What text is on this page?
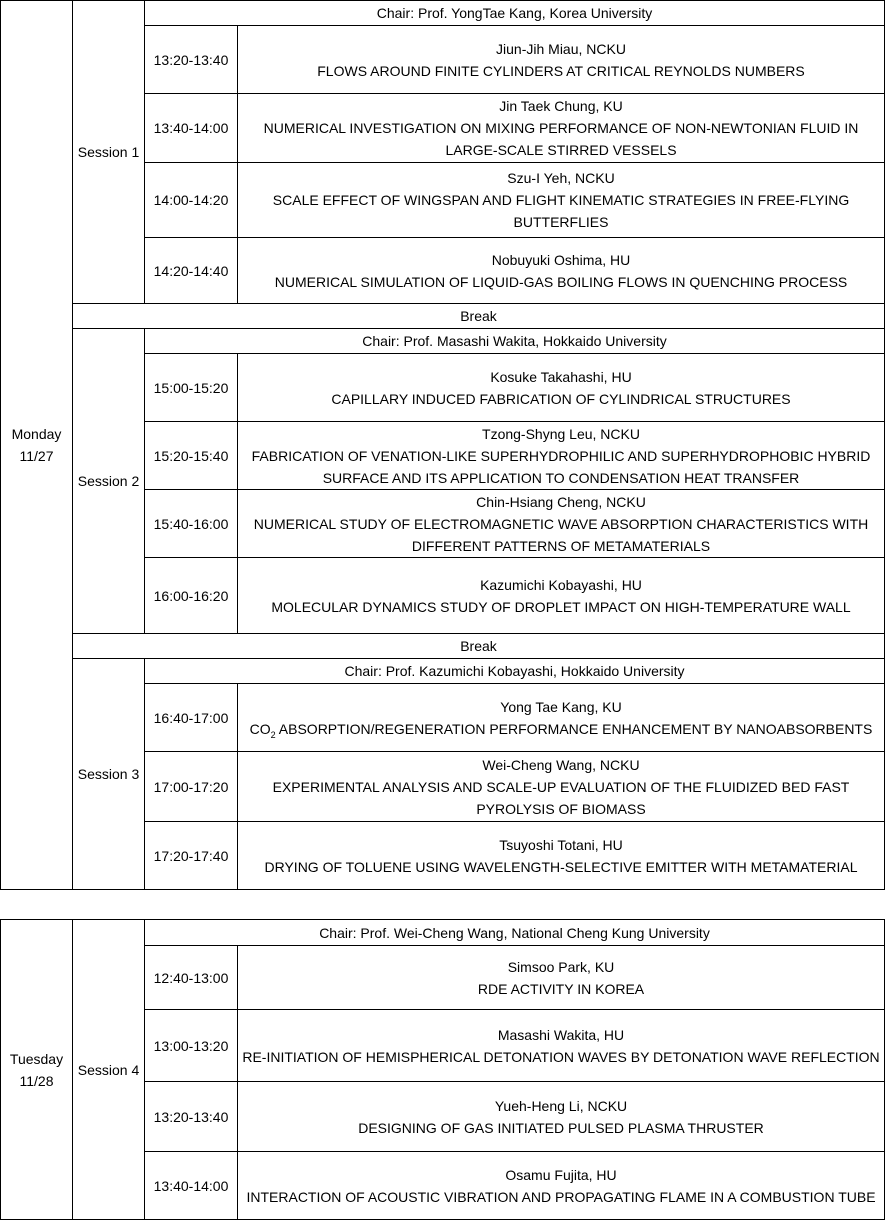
Monday
11/27	Session 1	Chair: Prof. YongTae Kang, Korea University	
		13:20-13:40	Jiun-Jih Miau, NCKU
FLOWS AROUND FINITE CYLINDERS AT CRITICAL REYNOLDS NUMBERS

		13:40-14:00	Jin Taek Chung, KU
NUMERICAL INVESTIGATION ON MIXING PERFORMANCE OF NON-NEWTONIAN FLUID IN LARGE-SCALE STIRRED VESSELS

		14:00-14:20	Szu-I Yeh, NCKU
SCALE EFFECT OF WINGSPAN AND FLIGHT KINEMATIC STRATEGIES IN FREE-FLYING BUTTERFLIES

		14:20-14:40	Nobuyuki Oshima, HU
NUMERICAL SIMULATION OF LIQUID-GAS BOILING FLOWS IN QUENCHING PROCESS

	Break		
	Session 2	Chair: Prof. Masashi Wakita, Hokkaido University	
		15:00-15:20	Kosuke Takahashi, HU
CAPILLARY INDUCED FABRICATION OF CYLINDRICAL STRUCTURES

		15:20-15:40	Tzong-Shyng Leu, NCKU
FABRICATION OF VENATION-LIKE SUPERHYDROPHILIC AND SUPERHYDROPHOBIC HYBRID SURFACE AND ITS APPLICATION TO CONDENSATION HEAT TRANSFER

		15:40-16:00	Chin-Hsiang Cheng, NCKU
NUMERICAL STUDY OF ELECTROMAGNETIC WAVE ABSORPTION CHARACTERISTICS WITH DIFFERENT PATTERNS OF METAMATERIALS

		16:00-16:20	Kazumichi Kobayashi, HU
MOLECULAR DYNAMICS STUDY OF DROPLET IMPACT ON HIGH-TEMPERATURE WALL

	Break		
	Session 3	Chair: Prof. Kazumichi Kobayashi, Hokkaido University	
		16:40-17:00	Yong Tae Kang, KU
$CO_2$ ABSORPTION/REGENERATION PERFORMANCE ENHANCEMENT BY NANOABSORBENTS

		17:00-17:20	Wei-Cheng Wang, NCKU
EXPERIMENTAL ANALYSIS AND SCALE-UP EVALUATION OF THE FLUIDIZED BED FAST PYROLYSIS OF BIOMASS

		17:20-17:40	Tsuyoshi Totani, HU
DRYING OF TOLUENE USING WAVELENGTH-SELECTIVE EMITTER WITH METAMATERIAL
Tuesday
11/28	Session 4	Chair: Prof. Wei-Cheng Wang, National Cheng Kung University	
		12:40-13:00	Simsoo Park, KU
RDE ACTIVITY IN KOREA

		13:00-13:20	Masashi Wakita, HU
RE-INITIATION OF HEMISPHERICAL DETONATION WAVES BY DETONATION WAVE REFLECTION

		13:20-13:40	Yueh-Heng Li, NCKU
DESIGNING OF GAS INITIATED PULSED PLASMA THRUSTER

		13:40-14:00	Osamu Fujita, HU
INTERACTION OF ACOUSTIC VIBRATION AND PROPAGATING FLAME IN A COMBUSTION TUBE
